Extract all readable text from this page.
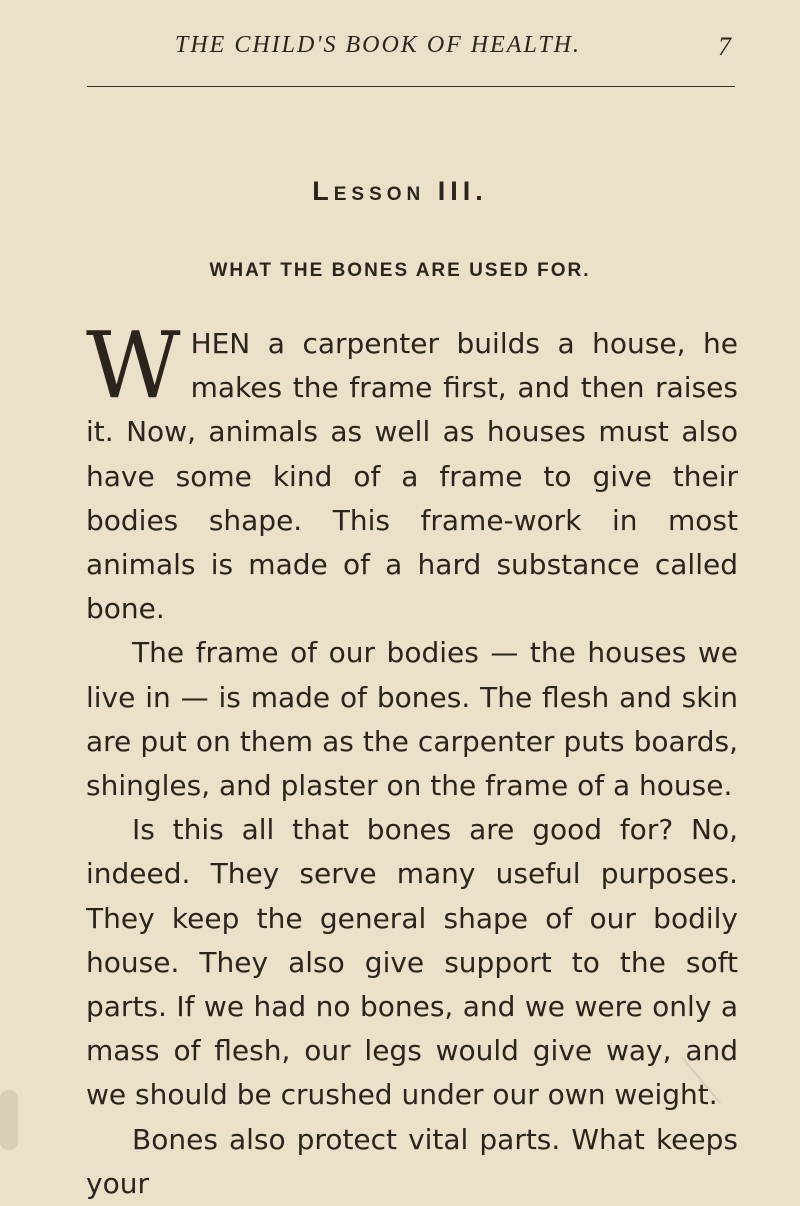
THE CHILD'S BOOK OF HEALTH.	7
Lesson III.
WHAT THE BONES ARE USED FOR.

WHEN a carpenter builds a house, he makes the frame first, and then raises it. Now, animals as well as houses must also have some kind of a frame to give their bodies shape. This frame-work in most animals is made of a hard substance called bone.

The frame of our bodies — the houses we live in — is made of bones. The flesh and skin are put on them as the carpenter puts boards, shingles, and plaster on the frame of a house.

Is this all that bones are good for? No, indeed. They serve many useful purposes. They keep the general shape of our bodily house. They also give support to the soft parts. If we had no bones, and we were only a mass of flesh, our legs would give way, and we should be crushed under our own weight.

Bones also protect vital parts. What keeps your
